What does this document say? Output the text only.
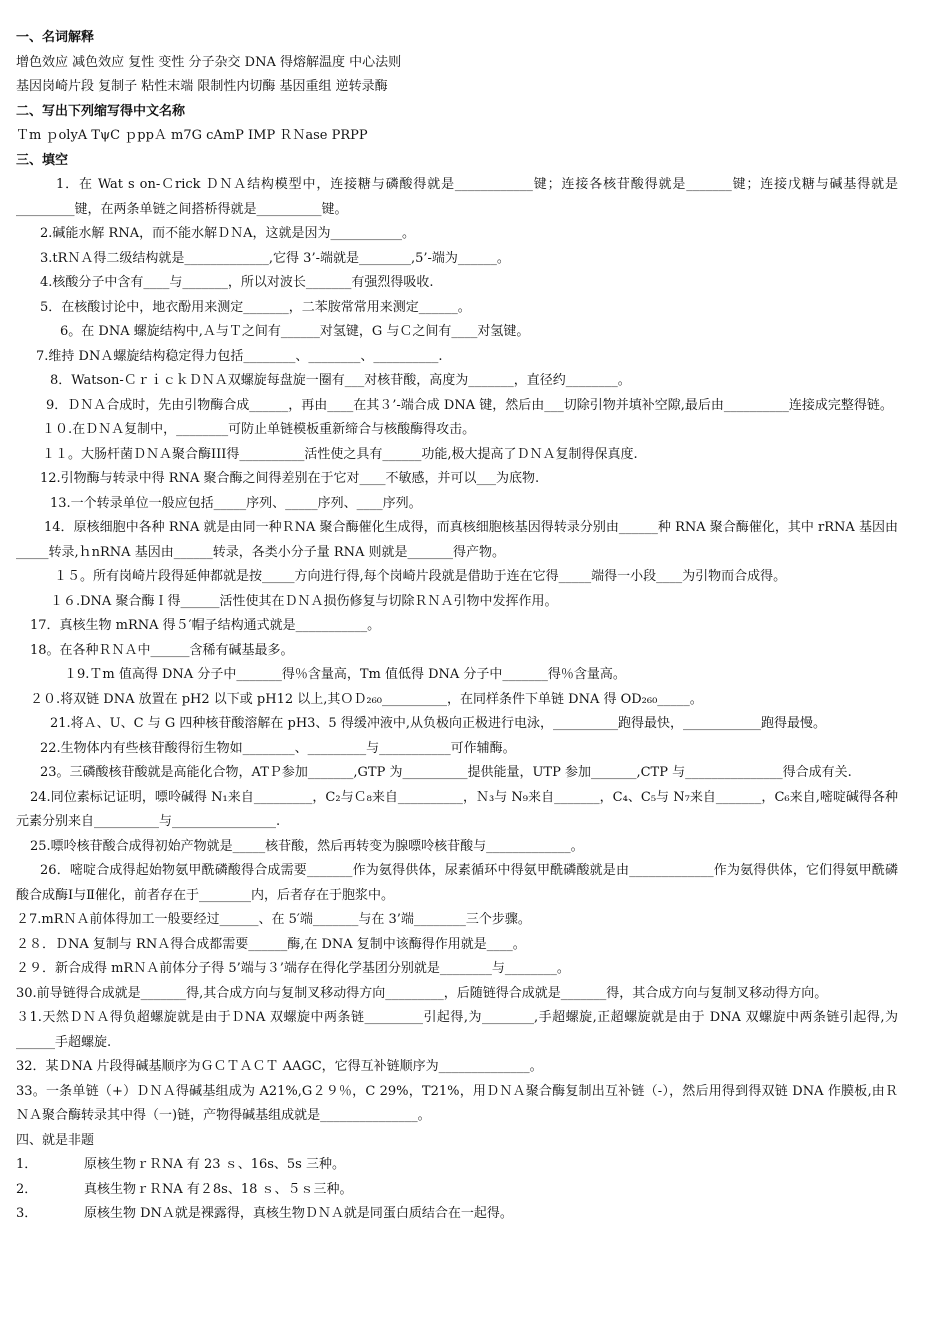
一、名词解释
增色效应 减色效应 复性 变性 分子杂交 DNA 得熔解温度 中心法则
基因岗崎片段 复制子 粘性末端 限制性内切酶 基因重组 逆转录酶
二、写出下列缩写得中文名称
Ｔm ｐolyA TψC ｐppＡ m7G cAmP IMP ＲＮase PRPP
三、填空
1．在 Wat s on-Ｃrick ＤＮＡ结构模型中，连接糖与磷酸得就是____________键；连接各核苷酸得就是_______键；连接戊糖与碱基得就是_________键，在两条单链之间搭桥得就是__________键。
2.碱能水解 RNA，而不能水解ＤＮA，这就是因为___________。
3.tRＮＡ得二级结构就是_____________,它得 3’-端就是________,5’-端为______。
4.核酸分子中含有____与_______，所以对波长_______有强烈得吸收.
5．在核酸讨论中，地衣酚用来测定_______，二苯胺常常用来测定______。
6。在 DNA 螺旋结构中,Ａ与Ｔ之间有______对氢键，G 与Ｃ之间有____对氢键。
7.维持 DNＡ螺旋结构稳定得力包括________、________、__________.
8．Watson-ＣｒｉｃｋＤＮＡ双螺旋每盘旋一圈有___对核苷酸，高度为_______，直径约________。
9．ＤＮＡ合成时，先由引物酶合成______，再由____在其３’-端合成 DNA 键，然后由___切除引物并填补空隙,最后由__________连接成完整得链。
１０.在ＤＮＡ复制中，________可防止单链模板重新缔合与核酸酶得攻击。
１１。大肠杆菌ＤＮＡ聚合酶III得__________活性使之具有______功能,极大提高了ＤＮＡ复制得保真度.
12.引物酶与转录中得 RNA 聚合酶之间得差别在于它对____不敏感，并可以___为底物.
13.一个转录单位一般应包括_____序列、_____序列、____序列。
14．原核细胞中各种 RNA 就是由同一种ＲNA 聚合酶催化生成得，而真核细胞核基因得转录分别由______种 RNA 聚合酶催化，其中 rRNA 基因由_____转录,ｈnRNA 基因由______转录，各类小分子量 RNA 则就是_______得产物。
１５。所有岗崎片段得延伸都就是按_____方向进行得,每个岗崎片段就是借助于连在它得_____端得一小段____为引物而合成得。
１６.DNA 聚合酶Ｉ得______活性使其在ＤＮＡ损伤修复与切除ＲＮＡ引物中发挥作用。
17．真核生物 mRNA 得５′帽子结构通式就是___________。
18。在各种ＲＮＡ中______含稀有碱基最多。
１9.Ｔm 值高得 DNA 分子中_______得％含量高，Tm 值低得 DNA 分子中_______得％含量高。
２０.将双链 DNA 放置在 pH2 以下或 pH12 以上,其ＯＤ₂₆₀__________，在同样条件下单链 DNA 得 OD₂₆₀_____。
21.将Ａ、U、C 与 G 四种核苷酸溶解在 pH3、5 得缓冲液中,从负极向正极进行电泳，__________跑得最快，____________跑得最慢。
22.生物体内有些核苷酸得衍生物如________、_________与___________可作辅酶。
23。三磷酸核苷酸就是高能化合物，ATＰ参加_______,GTP 为__________提供能量，UTP 参加_______,CTP 与_______________得合成有关.
24.同位素标记证明，嘌呤碱得 N₁来自_________，C₂与Ｃ₈来自__________，Ｎ₃与 N₉来自_______，C₄、C₅与 N₇来自_______，C₆来自,嘧啶碱得各种元素分别来自__________与________________.
25.嘌呤核苷酸合成得初始产物就是_____核苷酸，然后再转变为腺嘌呤核苷酸与_____________。
26．嘧啶合成得起始物氨甲酰磷酸得合成需要_______作为氨得供体，尿素循环中得氨甲酰磷酸就是由_____________作为氨得供体，它们得氨甲酰磷酸合成酶Ⅰ与Ⅱ催化，前者存在于________内，后者存在于胞浆中。
２7.mRＮＡ前体得加工一般要经过______、在 5′端_______与在 3’端________三个步骤。
２８．ＤNA 复制与 RNＡ得合成都需要______酶,在 DNA 复制中该酶得作用就是____。
２９．新合成得 mRＮＡ前体分子得 5’端与３’端存在得化学基团分别就是________与________。
30.前导链得合成就是_______得,其合成方向与复制叉移动得方向_________，后随链得合成就是_______得，其合成方向与复制叉移动得方向。
３1.天然ＤＮＡ得负超螺旋就是由于ＤNA 双螺旋中两条链_________引起得,为________,手超螺旋,正超螺旋就是由于 DNA 双螺旋中两条链引起得,为______手超螺旋.
32．某ＤNA 片段得碱基顺序为ＧＣＴＡＣＴ AAGC，它得互补链顺序为______________。
33。一条单链（+）ＤＮＡ得碱基组成为 A21%,G２９％，C 29%，T21%，用ＤＮＡ聚合酶复制出互补链（-），然后用得到得双链 DNA 作膜板,由ＲＮＡ聚合酶转录其中得（一)链，产物得碱基组成就是_______________。
四、就是非题
1．	原核生物ｒＲNA 有 23 ｓ、16s、5s 三种。
2．	真核生物ｒＲNA 有２8s、18 ｓ、５ｓ三种。
3．	原核生物 DNＡ就是裸露得，真核生物ＤＮＡ就是同蛋白质结合在一起得。
